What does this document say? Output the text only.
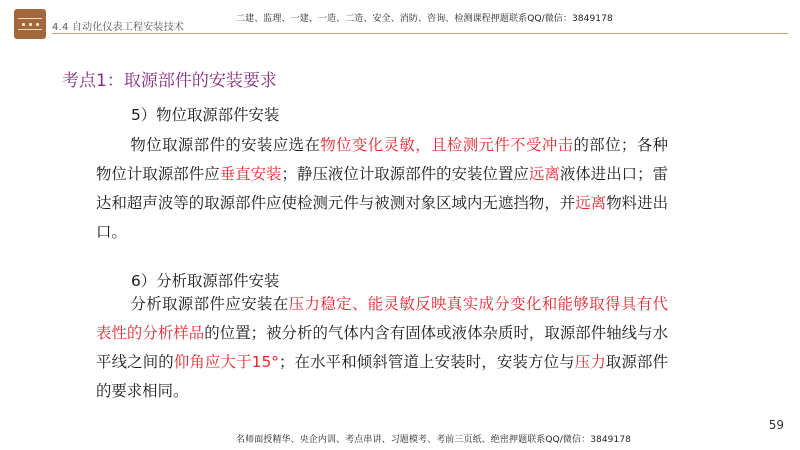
4.4 自动化仪表工程安装技术
二建、监理、一建、一造、二造、安全、消防、咨询、检测课程押题联系QQ/微信：3849178
考点1：取源部件的安装要求
5）物位取源部件安装
物位取源部件的安装应选在物位变化灵敏，且检测元件不受冲击的部位；各种物位计取源部件应垂直安装；静压液位计取源部件的安装位置应远离液体进出口；雷达和超声波等的取源部件应使检测元件与被测对象区域内无遮挡物，并远离物料进出口。
6）分析取源部件安装
分析取源部件应安装在压力稳定、能灵敏反映真实成分变化和能够取得具有代表性的分析样品的位置；被分析的气体内含有固体或液体杂质时，取源部件轴线与水平线之间的仰角应大于15°；在水平和倾斜管道上安装时，安装方位与压力取源部件的要求相同。
59
名师面授精华、央企内训、考点串讲、习题模考、考前三页纸、绝密押题联系QQ/微信：3849178
